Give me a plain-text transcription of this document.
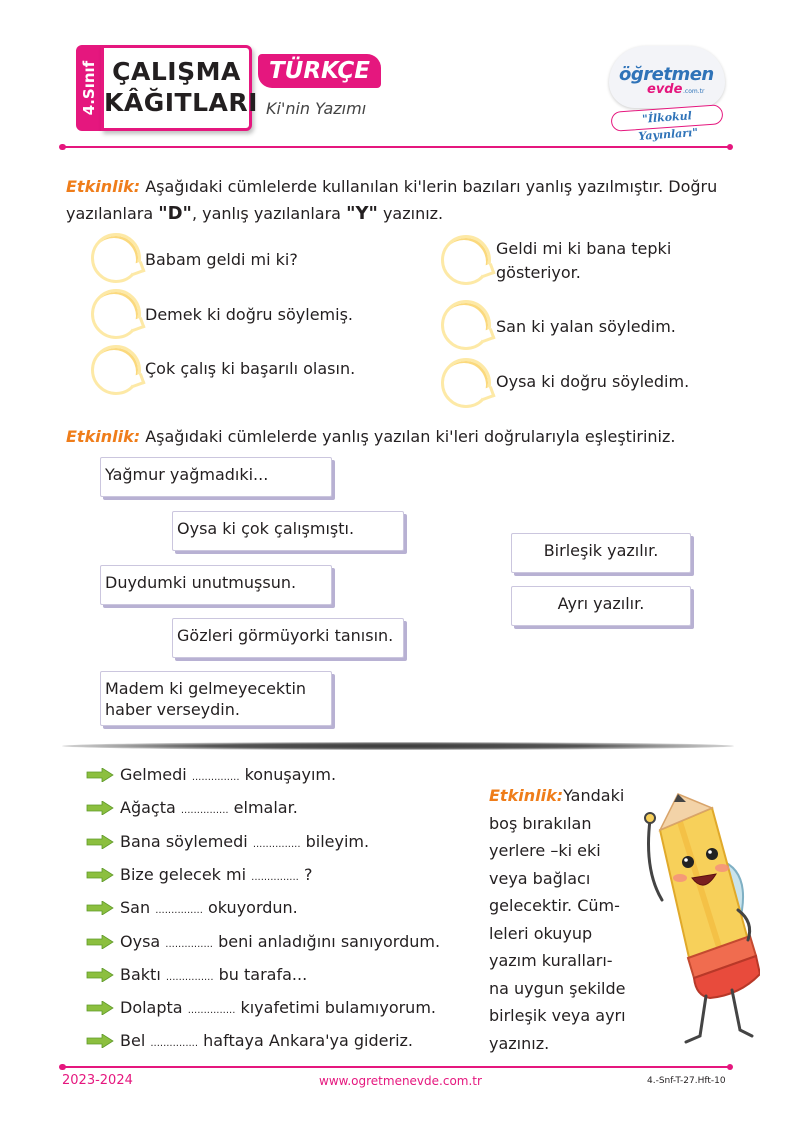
4.Sınıf ÇALIŞMA
KÂĞITLARI
TÜRKÇE
Ki'nin Yazımı
öğretmen
evde .com.tr
"İlkokul Yayınları"
Etkinlik: Aşağıdaki cümlelerde kullanılan ki'lerin bazıları yanlış yazılmıştır. Doğru
yazılanlara "D", yanlış yazılanlara "Y" yazınız.
Babam geldi mi ki?
Demek ki doğru söylemiş.
Çok çalış ki başarılı olasın.
Geldi mi ki bana tepki
gösteriyor.
San ki yalan söyledim.
Oysa ki doğru söyledim.
Etkinlik: Aşağıdaki cümlelerde yanlış yazılan ki'leri doğrularıyla eşleştiriniz.
Yağmur yağmadıki...
Oysa ki çok çalışmıştı.
Duydumki unutmuşsun.
Gözleri görmüyorki tanısın.
Madem ki gelmeyecektin
haber verseydin.
Birleşik yazılır.
Ayrı yazılır.
Gelmedi ............... konuşayım.
Ağaçta ............... elmalar.
Bana söylemedi ............... bileyim.
Bize gelecek mi ............... ?
San ............... okuyordun.
Oysa ............... beni anladığını sanıyordum.
Baktı ............... bu tarafa...
Dolapta ............... kıyafetimi bulamıyorum.
Bel ............... haftaya Ankara'ya gideriz.
Etkinlik:Yandaki
boş bırakılan
yerlere –ki eki
veya bağlacı
gelecektir. Cüm-
leleri okuyup
yazım kuralları-
na uygun şekilde
birleşik veya ayrı
yazınız.
2023-2024	www.ogretmenevde.com.tr	4.-Snf-T-27.Hft-10
